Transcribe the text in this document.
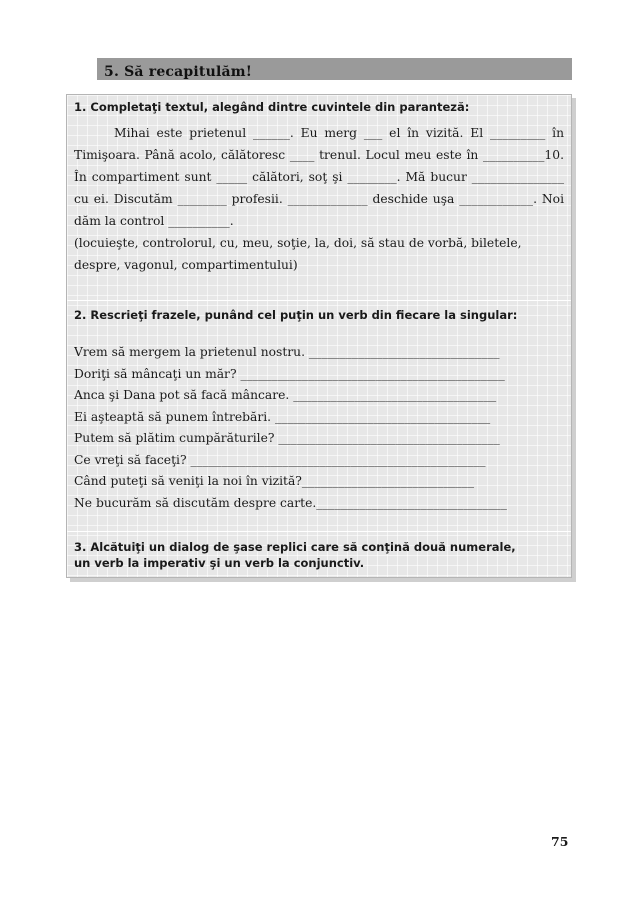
5. Să recapitulăm!
1. Completaţi textul, alegând dintre cuvintele din paranteză:
Mihai este prietenul ______. Eu merg ___ el în vizită. El _________ în Timişoara. Până acolo, călătoresc ____ trenul. Locul meu este în __________10. În compartiment sunt _____ călători, soţ şi ________. Mă bucur _______________ cu ei. Discutăm ________ profesii. _____________ deschide uşa ____________. Noi dăm la control __________.
(locuieşte, controlorul, cu, meu, soţie, la, doi, să stau de vorbă, biletele, despre, vagonul, compartimentului)
2. Rescrieţi frazele, punând cel puţin un verb din fiecare la singular:
Vrem să mergem la prietenul nostru. _______________________________
Doriţi să mâncaţi un măr? ___________________________________________
Anca şi Dana pot să facă mâncare. _________________________________
Ei aşteaptă să punem întrebări. ___________________________________
Putem să plătim cumpărăturile? ____________________________________
Ce vreţi să faceţi? ________________________________________________
Când puteţi să veniţi la noi în vizită?____________________________
Ne bucurăm să discutăm despre carte._______________________________
3. Alcătuiţi un dialog de şase replici care să conţină două numerale,
un verb la imperativ şi un verb la conjunctiv.
75
